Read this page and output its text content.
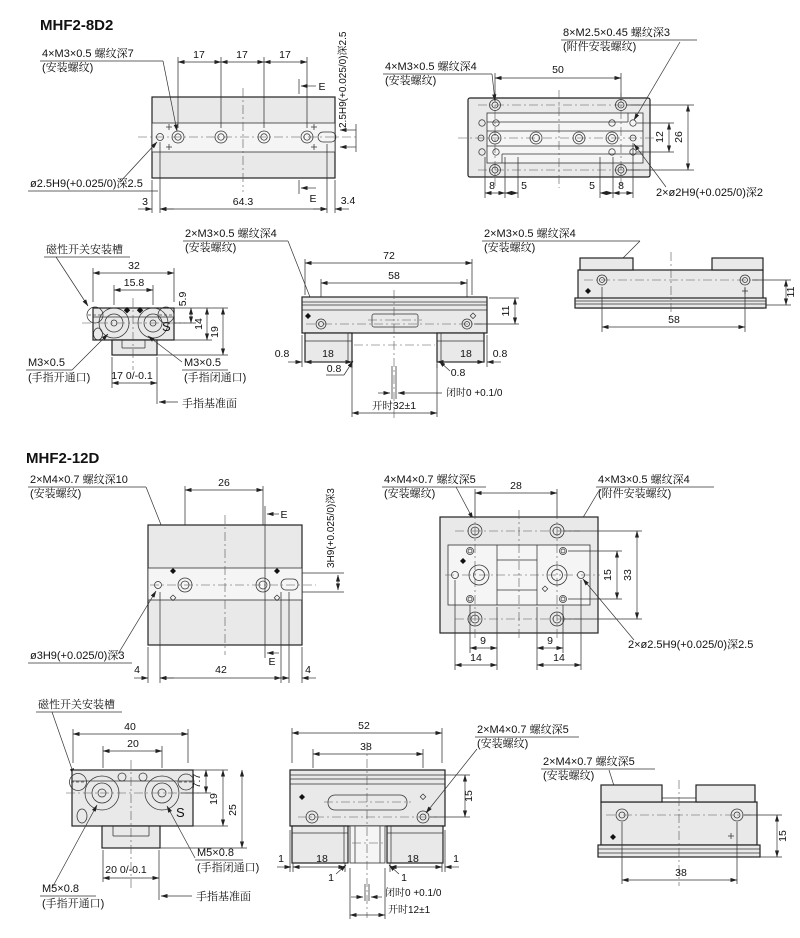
MHF2-8D2
17	17	17
E
E
2.5H9(+0.025/0)深2.5
4×M3×0.5 螺纹深7
(安装螺纹)
ø2.5H9(+0.025/0)深2.5
3	64.3	3.4
50
12 26
8 5	5 8
4×M3×0.5 螺纹深4
(安装螺纹)
8×M2.5×0.45 螺纹深3
(附件安装螺纹)
2×ø2H9(+0.025/0)深2
磁性开关安装槽
32
15.8
S
5.9
14
19
M3×0.5
(手指开通口)
M3×0.5
(手指闭通口)
17 0/-0.1
手指基准面
2×M3×0.5 螺纹深4
(安装螺纹)
2×M3×0.5 螺纹深4
(安装螺纹)
72
58
11
0.8	18	18 0.8
0.8	0.8
闭时0 +0.1/0
开时32±1
11
58
MHF2-12D
2×M4×0.7 螺纹深10
(安装螺纹)
26
E
E
3H9(+0.025/0)深3
ø3H9(+0.025/0)深3
4	42	4
4×M4×0.7 螺纹深5
(安装螺纹)
4×M3×0.5 螺纹深4
(附件安装螺纹)
28
15 33
9	9
14	14
2×ø2.5H9(+0.025/0)深2.5
磁性开关安装槽
40
20
S
7.7
19
25
20 0/-0.1
M5×0.8
(手指闭通口)
M5×0.8
(手指开通口)
手指基准面
52
38
15
2×M4×0.7 螺纹深5
(安装螺纹)
1	18	18	1
1	1
闭时0 +0.1/0
开时12±1
2×M4×0.7 螺纹深5
(安装螺纹)
15
38
